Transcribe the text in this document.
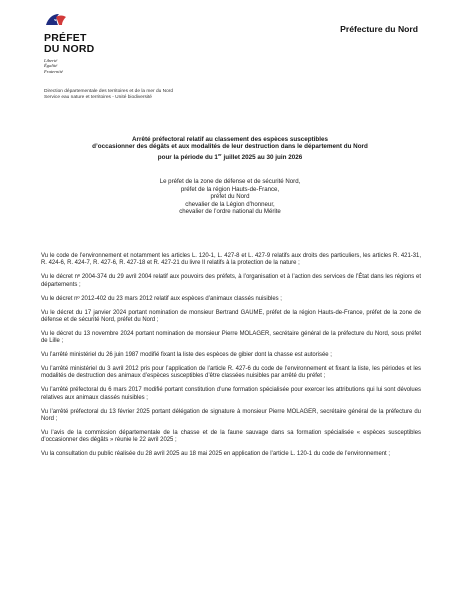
PRÉFET
DU NORD
Liberté
Égalité
Fraternité
Préfecture du Nord
Direction départementale des territoires et de la mer du Nord
Service eau nature et territoires - Unité biodiversité
Arrêté préfectoral relatif au classement des espèces susceptibles
d’occasionner des dégâts et aux modalités de leur destruction dans le département du Nord
pour la période du 1er juillet 2025 au 30 juin 2026
Le préfet de la zone de défense et de sécurité Nord,
préfet de la région Hauts-de-France,
préfet du Nord
chevalier de la Légion d’honneur,
chevalier de l’ordre national du Mérite

Vu le code de l’environnement et notamment les articles L. 120-1, L. 427-8 et L. 427-9 relatifs aux droits des particuliers, les articles R. 421-31, R. 424-6, R. 424-7, R. 427-6, R. 427-18 et R. 427-21 du livre II relatifs à la protection de la nature ;

Vu le décret nº 2004-374 du 29 avril 2004 relatif aux pouvoirs des préfets, à l’organisation et à l’action des services de l’État dans les régions et départements ;

Vu le décret nº 2012-402 du 23 mars 2012 relatif aux espèces d’animaux classés nuisibles ;

Vu le décret du 17 janvier 2024 portant nomination de monsieur Bertrand GAUME, préfet de la région Hauts-de-France, préfet de la zone de défense et de sécurité Nord, préfet du Nord ;

Vu le décret du 13 novembre 2024 portant nomination de monsieur Pierre MOLAGER, secrétaire général de la préfecture du Nord, sous préfet de Lille ;

Vu l’arrêté ministériel du 26 juin 1987 modifié fixant la liste des espèces de gibier dont la chasse est autorisée ;

Vu l’arrêté ministériel du 3 avril 2012 pris pour l’application de l’article R. 427-6 du code de l’environnement et fixant la liste, les périodes et les modalités de destruction des animaux d’espèces susceptibles d’être classées nuisibles par arrêté du préfet ;

Vu l’arrêté préfectoral du 6 mars 2017 modifié portant constitution d’une formation spécialisée pour exercer les attributions qui lui sont dévolues relatives aux animaux classés nuisibles ;

Vu l’arrêté préfectoral du 13 février 2025 portant délégation de signature à monsieur Pierre MOLAGER, secrétaire général de la préfecture du Nord ;

Vu l’avis de la commission départementale de la chasse et de la faune sauvage dans sa formation spécialisée « espèces susceptibles d’occasionner des dégâts » réunie le 22 avril 2025 ;

Vu la consultation du public réalisée du 28 avril 2025 au 18 mai 2025 en application de l’article L. 120-1 du code de l’environnement ;
